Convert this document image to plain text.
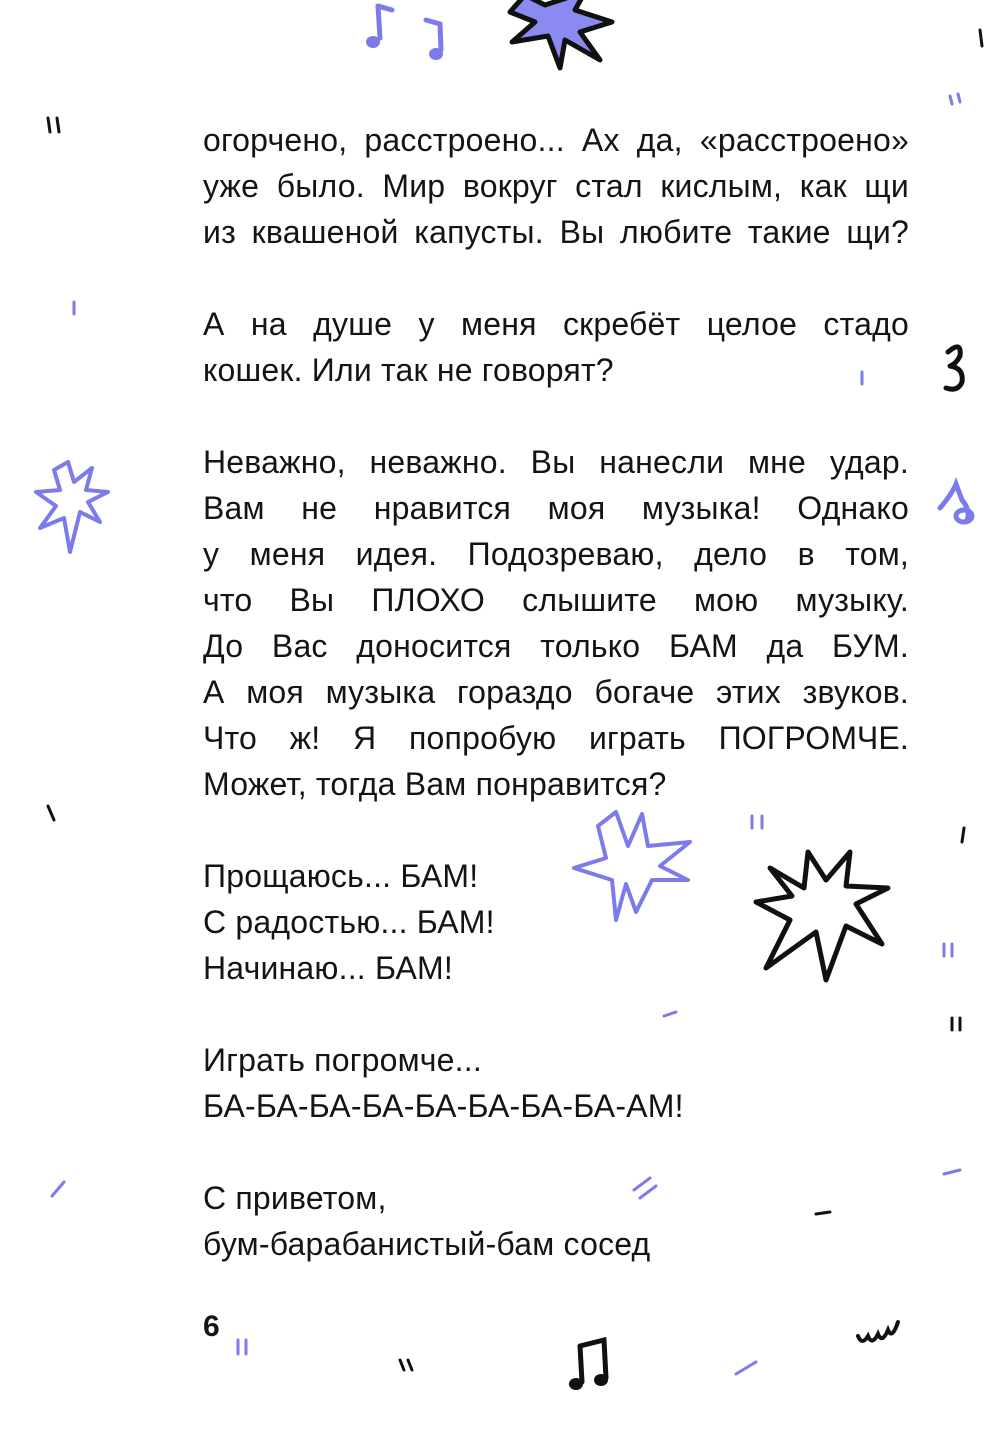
огорчено, расстроено... Ах да, «расстроено»
уже было. Мир вокруг стал кислым, как щи
из квашеной капусты. Вы любите такие щи?
А на душе у меня скребёт целое стадо
кошек. Или так не говорят?
Неважно, неважно. Вы нанесли мне удар.
Вам не нравится моя музыка! Однако
у меня идея. Подозреваю, дело в том,
что Вы ПЛОХО слышите мою музыку.
До Вас доносится только БАМ да БУМ.
А моя музыка гораздо богаче этих звуков.
Что ж! Я попробую играть ПОГРОМЧЕ.
Может, тогда Вам понравится?
Прощаюсь... БАМ!
С радостью... БАМ!
Начинаю... БАМ!
Играть погромче...
БА-БА-БА-БА-БА-БА-БА-БА-АМ!
С приветом,
бум-барабанистый-бам сосед
6
